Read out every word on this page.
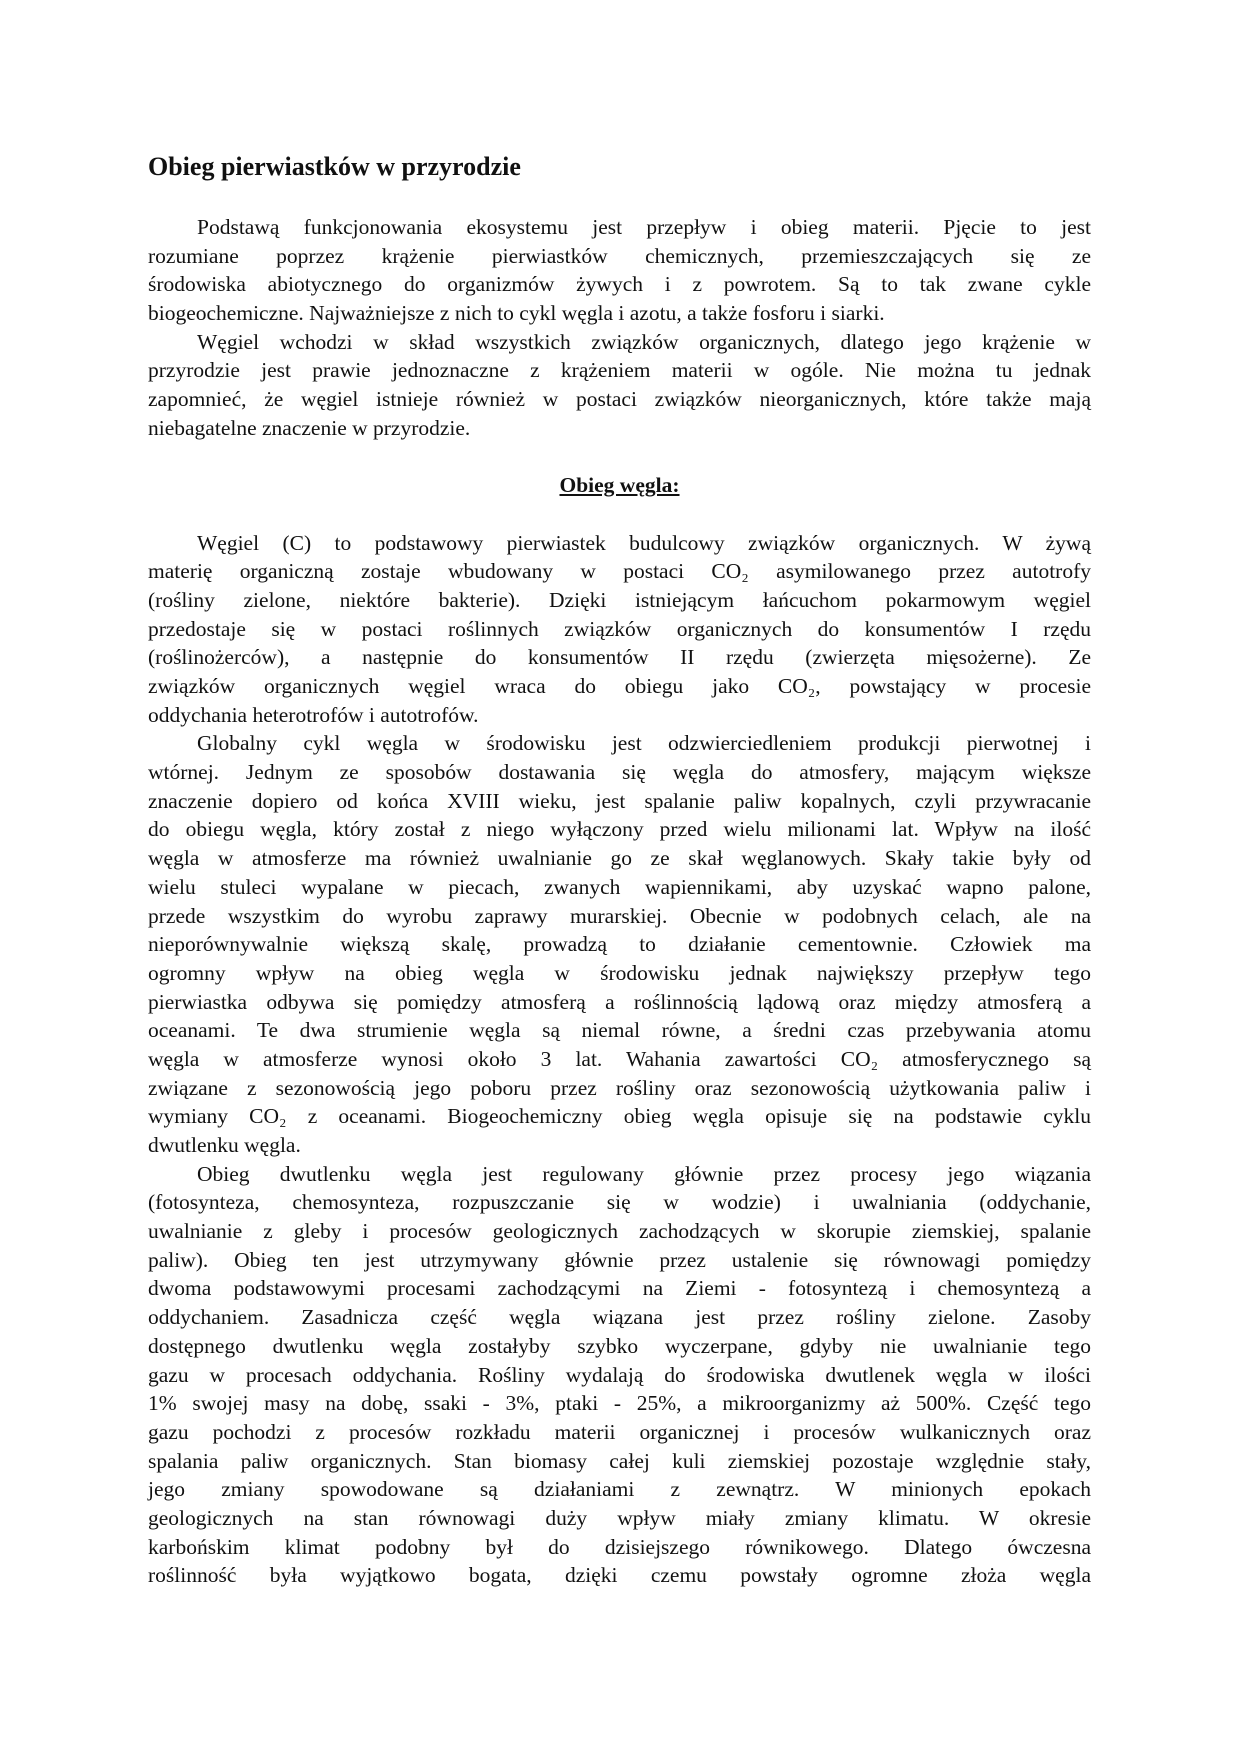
Obieg pierwiastków w przyrodzie
Podstawą funkcjonowania ekosystemu jest przepływ i obieg materii. Pjęcie to jest
rozumiane poprzez krążenie pierwiastków chemicznych, przemieszczających się ze
środowiska abiotycznego do organizmów żywych i z powrotem. Są to tak zwane cykle
biogeochemiczne. Najważniejsze z nich to cykl węgla i azotu, a także fosforu i siarki.
Węgiel wchodzi w skład wszystkich związków organicznych, dlatego jego krążenie w
przyrodzie jest prawie jednoznaczne z krążeniem materii w ogóle. Nie można tu jednak
zapomnieć, że węgiel istnieje również w postaci związków nieorganicznych, które także mają
niebagatelne znaczenie w przyrodzie.
Obieg węgla:
Węgiel (C) to podstawowy pierwiastek budulcowy związków organicznych. W żywą
materię organiczną zostaje wbudowany w postaci CO₂ asymilowanego przez autotrofy
(rośliny zielone, niektóre bakterie). Dzięki istniejącym łańcuchom pokarmowym węgiel
przedostaje się w postaci roślinnych związków organicznych do konsumentów I rzędu
(roślinożerców), a następnie do konsumentów II rzędu (zwierzęta mięsożerne). Ze
związków organicznych węgiel wraca do obiegu jako CO₂, powstający w procesie
oddychania heterotrofów i autotrofów.
Globalny cykl węgla w środowisku jest odzwierciedleniem produkcji pierwotnej i
wtórnej. Jednym ze sposobów dostawania się węgla do atmosfery, mającym większe
znaczenie dopiero od końca XVIII wieku, jest spalanie paliw kopalnych, czyli przywracanie
do obiegu węgla, który został z niego wyłączony przed wielu milionami lat. Wpływ na ilość
węgla w atmosferze ma również uwalnianie go ze skał węglanowych. Skały takie były od
wielu stuleci wypalane w piecach, zwanych wapiennikami, aby uzyskać wapno palone,
przede wszystkim do wyrobu zaprawy murarskiej. Obecnie w podobnych celach, ale na
nieporównywalnie większą skalę, prowadzą to działanie cementownie. Człowiek ma
ogromny wpływ na obieg węgla w środowisku jednak największy przepływ tego
pierwiastka odbywa się pomiędzy atmosferą a roślinnością lądową oraz między atmosferą a
oceanami. Te dwa strumienie węgla są niemal równe, a średni czas przebywania atomu
węgla w atmosferze wynosi około 3 lat. Wahania zawartości CO₂ atmosferycznego są
związane z sezonowością jego poboru przez rośliny oraz sezonowością użytkowania paliw i
wymiany CO₂ z oceanami. Biogeochemiczny obieg węgla opisuje się na podstawie cyklu
dwutlenku węgla.
Obieg dwutlenku węgla jest regulowany głównie przez procesy jego wiązania
(fotosynteza, chemosynteza, rozpuszczanie się w wodzie) i uwalniania (oddychanie,
uwalnianie z gleby i procesów geologicznych zachodzących w skorupie ziemskiej, spalanie
paliw). Obieg ten jest utrzymywany głównie przez ustalenie się równowagi pomiędzy
dwoma podstawowymi procesami zachodzącymi na Ziemi - fotosyntezą i chemosyntezą a
oddychaniem. Zasadnicza część węgla wiązana jest przez rośliny zielone. Zasoby
dostępnego dwutlenku węgla zostałyby szybko wyczerpane, gdyby nie uwalnianie tego
gazu w procesach oddychania. Rośliny wydalają do środowiska dwutlenek węgla w ilości
1% swojej masy na dobę, ssaki - 3%, ptaki - 25%, a mikroorganizmy aż 500%. Część tego
gazu pochodzi z procesów rozkładu materii organicznej i procesów wulkanicznych oraz
spalania paliw organicznych. Stan biomasy całej kuli ziemskiej pozostaje względnie stały,
jego zmiany spowodowane są działaniami z zewnątrz. W minionych epokach
geologicznych na stan równowagi duży wpływ miały zmiany klimatu. W okresie
karbońskim klimat podobny był do dzisiejszego równikowego. Dlatego ówczesna
roślinność była wyjątkowo bogata, dzięki czemu powstały ogromne złoża węgla
